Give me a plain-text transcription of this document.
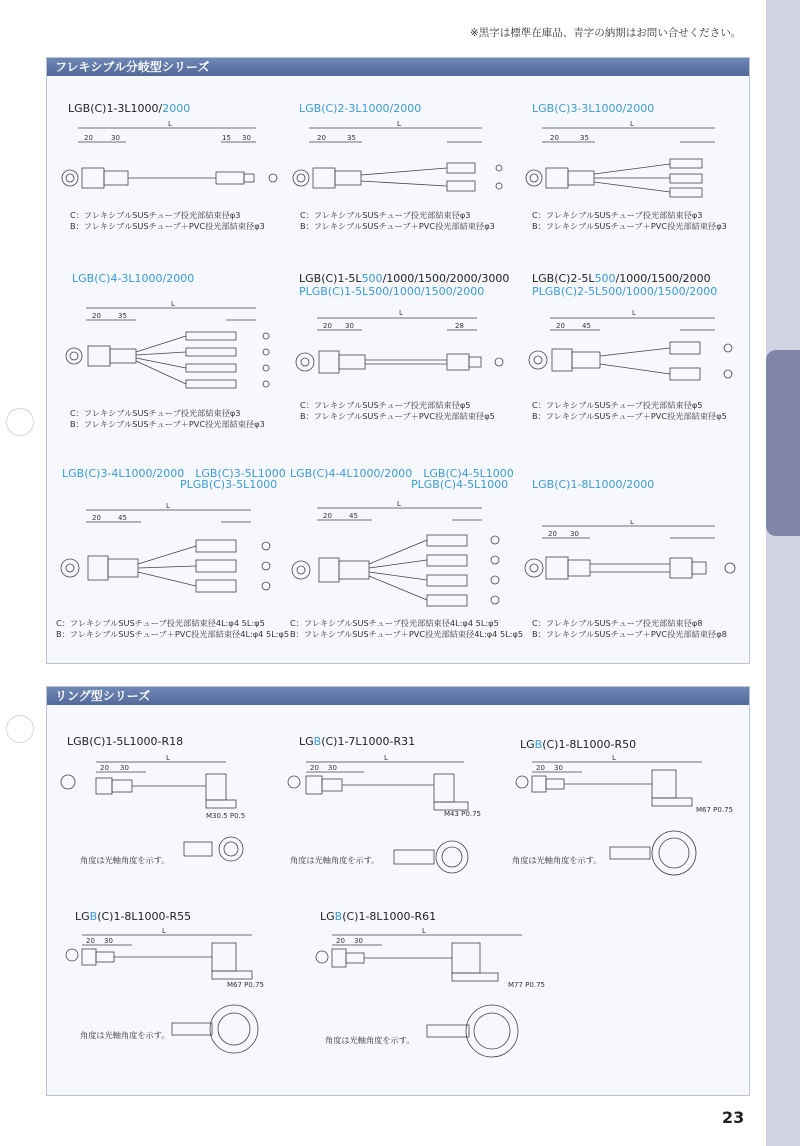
※黒字は標準在庫品、青字の納期はお問い合せください。
フレキシブル分岐型シリーズ
LGB(C)1-3L1000/2000	LGB(C)2-3L1000/2000	LGB(C)3-3L1000/2000
LGB(C)4-3L1000/2000	LGB(C)1-5L500/1000/1500/2000/3000
PLGB(C)1-5L500/1000/1500/2000
LGB(C)2-5L500/1000/1500/2000
PLGB(C)2-5L500/1000/1500/2000
LGB(C)3-4L1000/2000　LGB(C)3-5L1000
PLGB(C)3-5L1000
LGB(C)4-4L1000/2000　LGB(C)4-5L1000
PLGB(C)4-5L1000 LGB(C)1-8L1000/2000
L
20	30	15 30
L
20	35
L
20	35
C：フレキシブルSUSチューブ投光部結束径φ3
B：フレキシブルSUSチューブ＋PVC投光部結束径φ3
C：フレキシブルSUSチューブ投光部結束径φ3
B：フレキシブルSUSチューブ＋PVC投光部結束径φ3
C：フレキシブルSUSチューブ投光部結束径φ3
B：フレキシブルSUSチューブ＋PVC投光部結束径φ3
L
20 35	L
20 30	28
L
20 45
C：フレキシブルSUSチューブ投光部結束径φ3
B：フレキシブルSUSチューブ＋PVC投光部結束径φ3
C：フレキシブルSUSチューブ投光部結束径φ5
B：フレキシブルSUSチューブ＋PVC投光部結束径φ5
C：フレキシブルSUSチューブ投光部結束径φ5
B：フレキシブルSUSチューブ＋PVC投光部結束径φ5
L
20 45
L
20 45
L
20 30
C：フレキシブルSUSチューブ投光部結束径4L:φ4 5L:φ5
B：フレキシブルSUSチューブ＋PVC投光部結束径4L:φ4 5L:φ5
C：フレキシブルSUSチューブ投光部結束径4L:φ4 5L:φ5
B：フレキシブルSUSチューブ＋PVC投光部結束径4L:φ4 5L:φ5
C：フレキシブルSUSチューブ投光部結束径φ8
B：フレキシブルSUSチューブ＋PVC投光部結束径φ8
リング型シリーズ
LGB(C)1-5L1000-R18	LGB(C)1-7L1000-R31	LGB(C)1-8L1000-R50
LGB(C)1-8L1000-R55	LGB(C)1-8L1000-R61
L
20 30
M30.5 P0.5
角度は光軸角度を示す。
L
20 30
M43 P0.75
角度は光軸角度を示す。
L
20 30
M67 P0.75
角度は光軸角度を示す。
L
20 30
M67 P0.75
角度は光軸角度を示す。
L
20 30
M77 P0.75
角度は光軸角度を示す。
23
